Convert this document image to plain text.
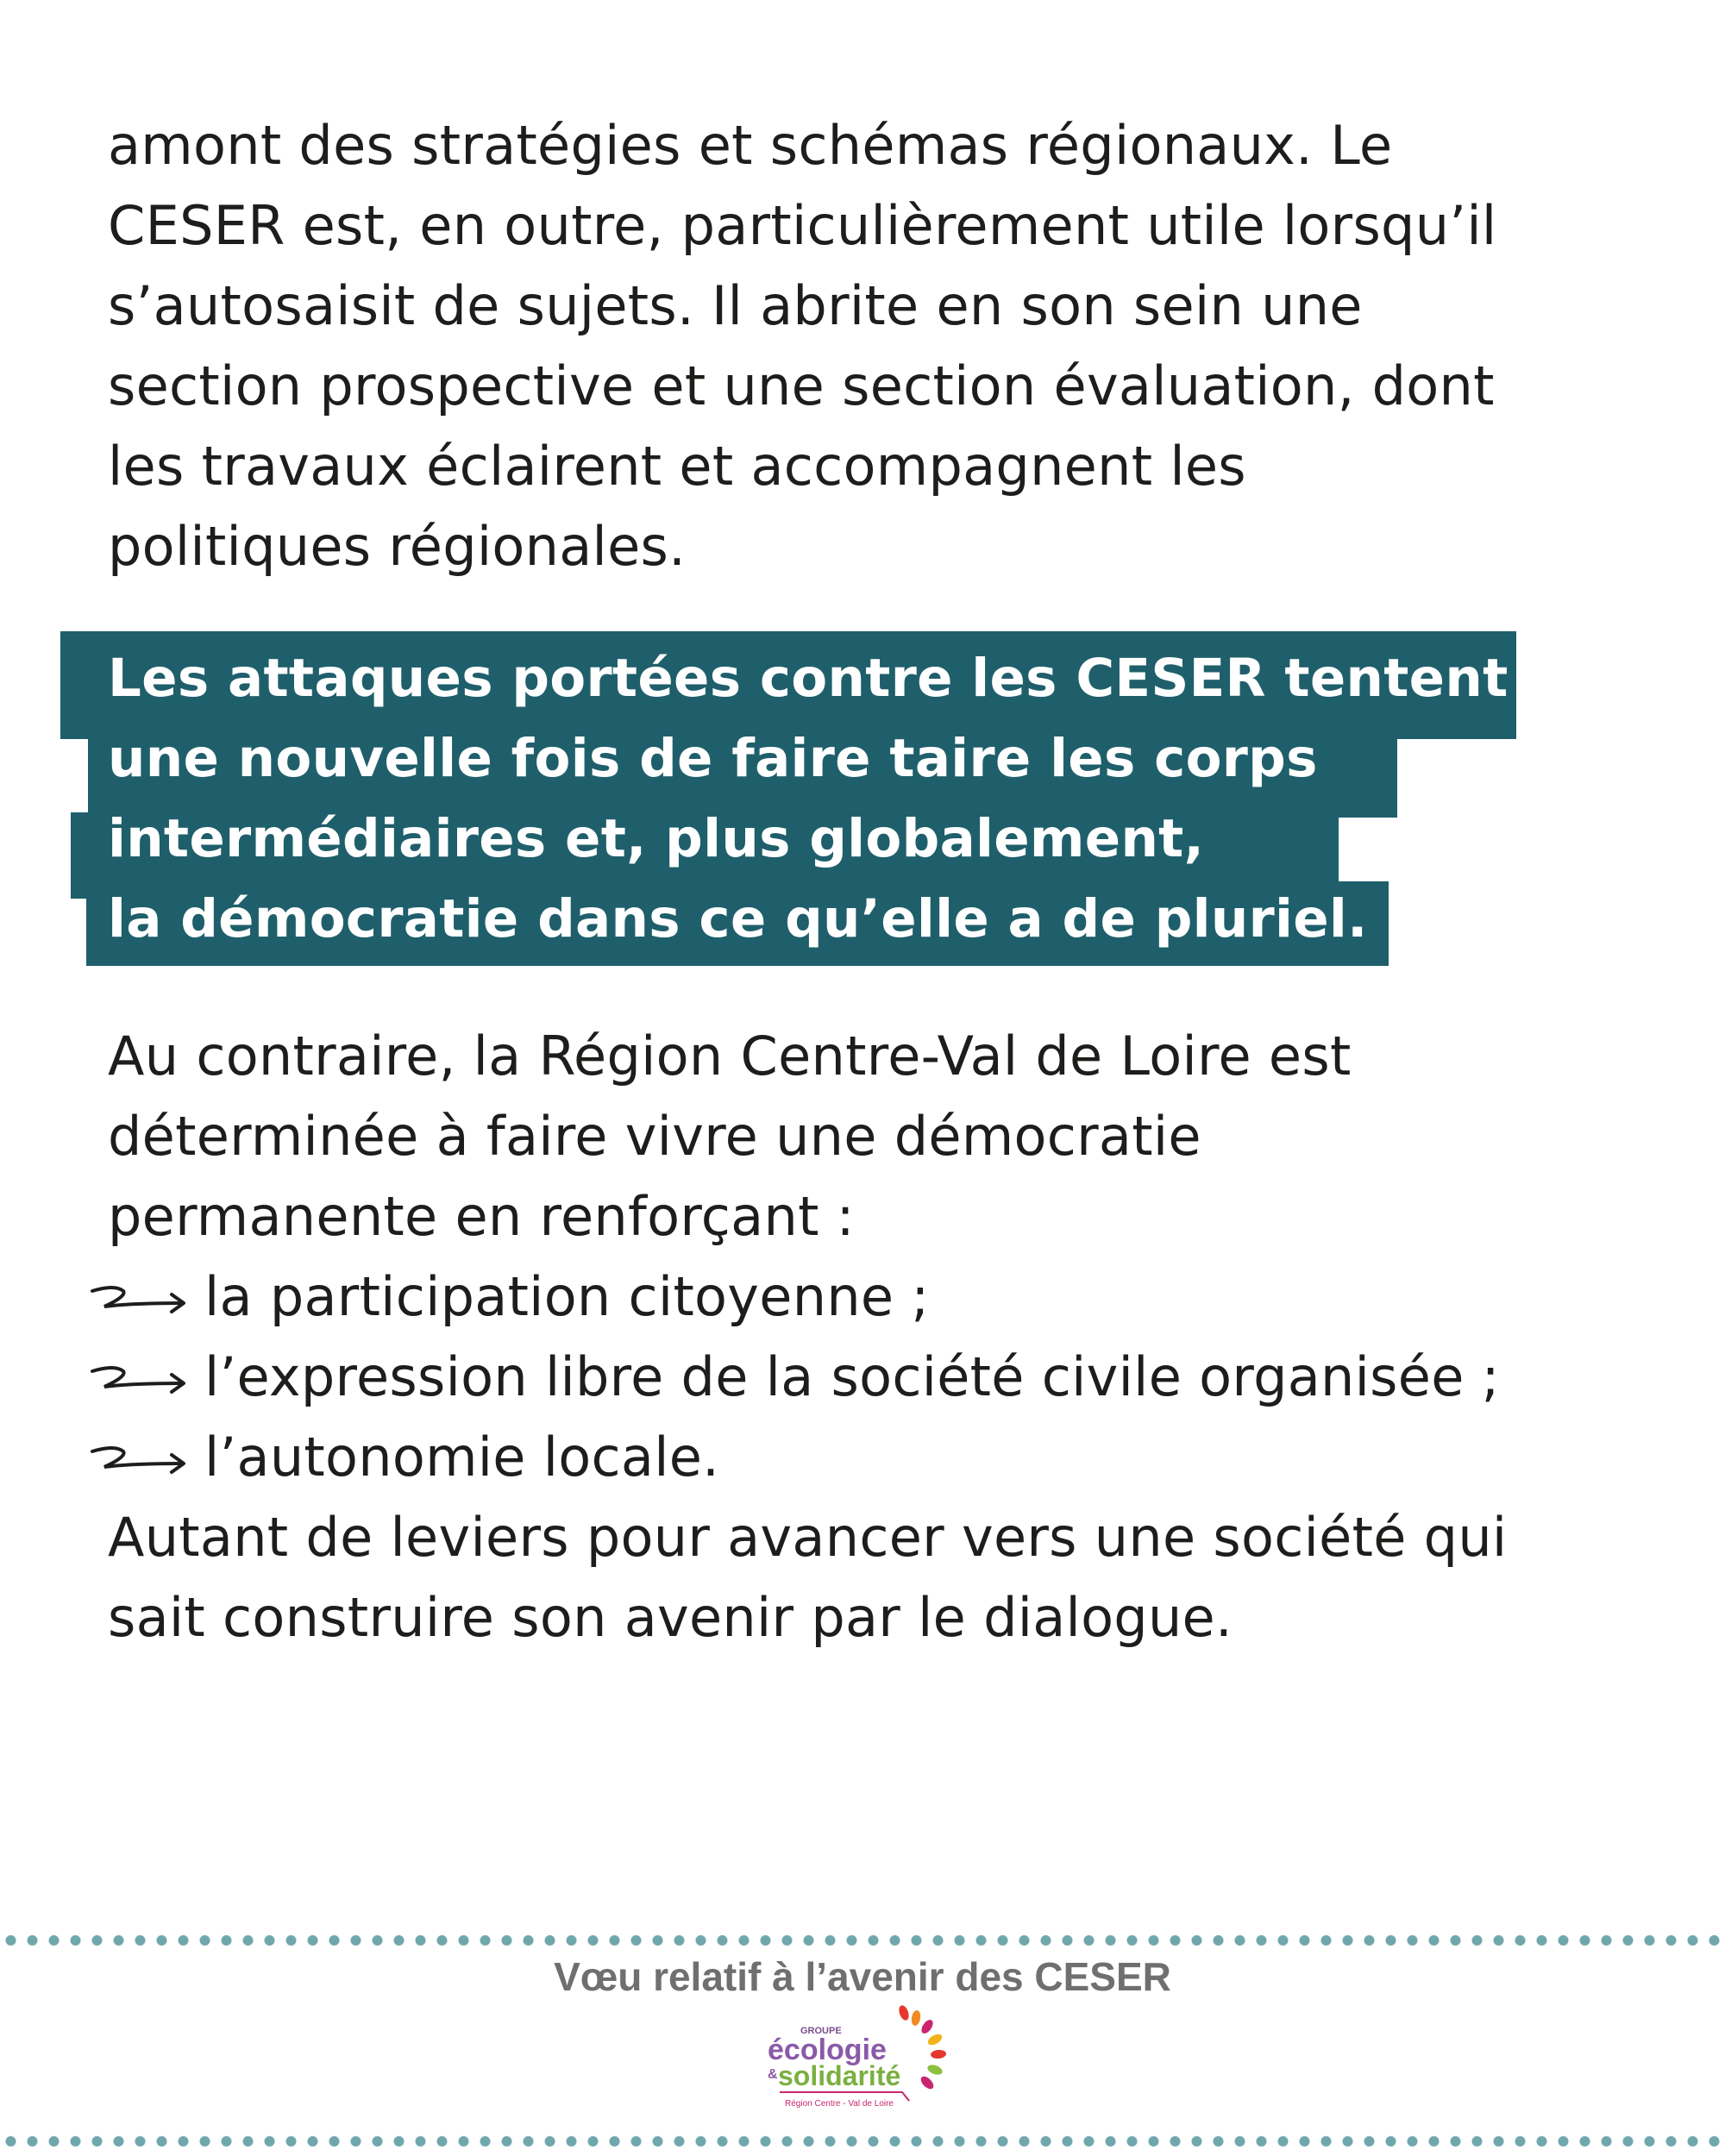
amont des stratégies et schémas régionaux. Le
CESER est, en outre, particulièrement utile lorsqu’il
s’autosaisit de sujets. Il abrite en son sein une
section prospective et une section évaluation, dont
les travaux éclairent et accompagnent les
politiques régionales.
Les attaques portées contre les CESER tentent
une nouvelle fois de faire taire les corps
intermédiaires et, plus globalement,
la démocratie dans ce qu’elle a de pluriel.
Au contraire, la Région Centre-Val de Loire est
déterminée à faire vivre une démocratie
permanente en renforçant :
la participation citoyenne ;
l’expression libre de la société civile organisée ;
l’autonomie locale.
Autant de leviers pour avancer vers une société qui
sait construire son avenir par le dialogue.
Vœu relatif à l’avenir des CESER
GROUPE
écologie
& solidarité
Région Centre - Val de Loire
